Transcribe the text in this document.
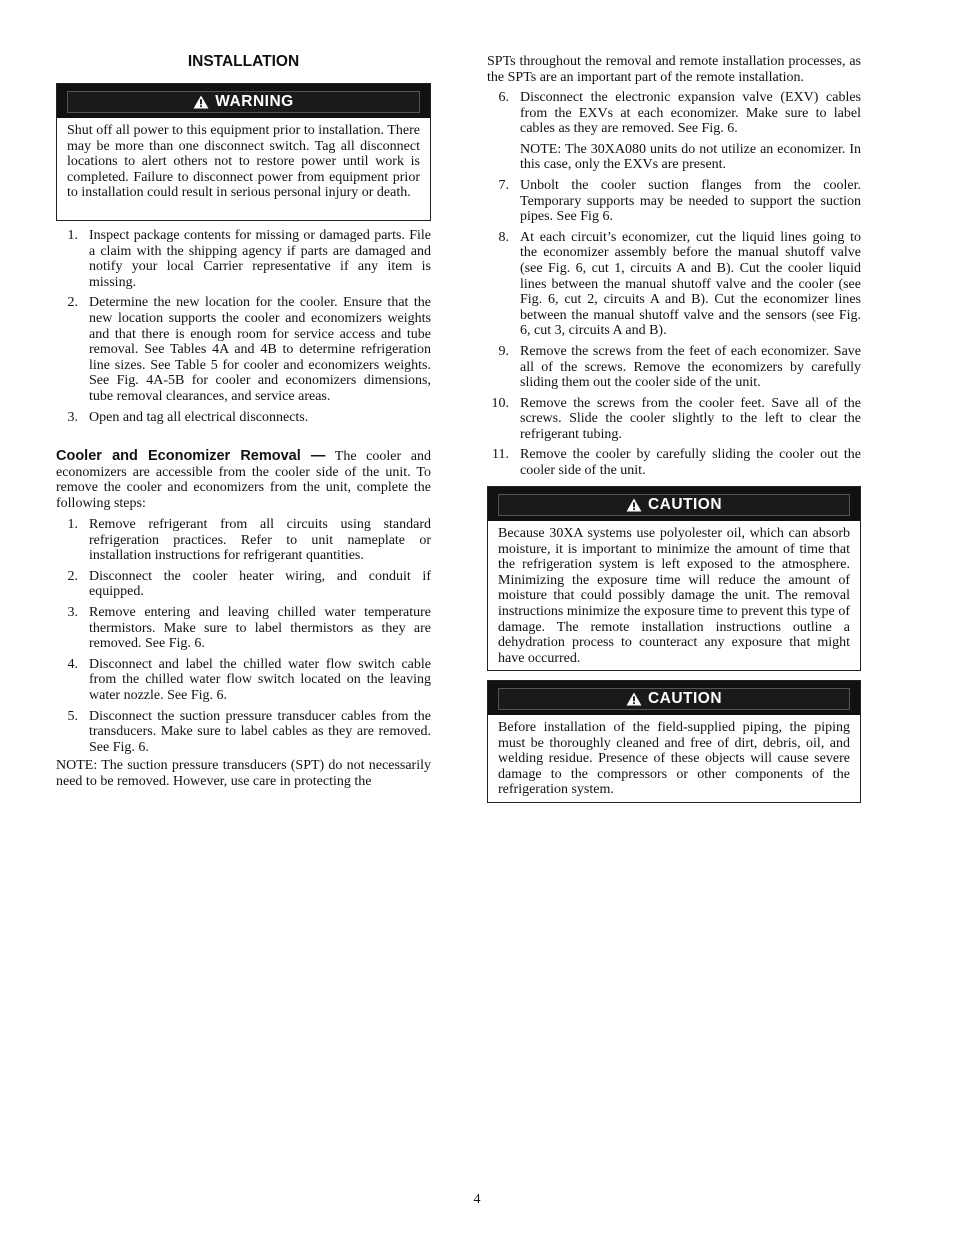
INSTALLATION
WARNING

Shut off all power to this equipment prior to installation. There may be more than one disconnect switch. Tag all disconnect locations to alert others not to restore power until work is completed. Failure to disconnect power from equipment prior to installation could result in serious personal injury or death.

1. Inspect package contents for missing or damaged parts. File a claim with the shipping agency if parts are damaged and notify your local Carrier representative if any item is missing.
2. Determine the new location for the cooler. Ensure that the new location supports the cooler and economizers weights and that there is enough room for service access and tube removal. See Tables 4A and 4B to determine refrigeration line sizes. See Table 5 for cooler and economizers weights. See Fig. 4A-5B for cooler and economizers dimensions, tube removal clearances, and service areas.
3. Open and tag all electrical disconnects.

Cooler and Economizer Removal — The cooler and economizers are accessible from the cooler side of the unit. To remove the cooler and economizers from the unit, complete the following steps:

1. Remove refrigerant from all circuits using standard refrigeration practices. Refer to unit nameplate or installation instructions for refrigerant quantities.
2. Disconnect the cooler heater wiring, and conduit if equipped.
3. Remove entering and leaving chilled water temperature thermistors. Make sure to label thermistors as they are removed. See Fig. 6.
4. Disconnect and label the chilled water flow switch cable from the chilled water flow switch located on the leaving water nozzle. See Fig. 6.
5. Disconnect the suction pressure transducer cables from the transducers. Make sure to label cables as they are removed. See Fig. 6.

NOTE: The suction pressure transducers (SPT) do not necessarily need to be removed. However, use care in protecting the

SPTs throughout the removal and remote installation processes, as the SPTs are an important part of the remote installation.

6. Disconnect the electronic expansion valve (EXV) cables from the EXVs at each economizer. Make sure to label cables as they are removed. See Fig. 6.
NOTE: The 30XA080 units do not utilize an economizer. In this case, only the EXVs are present.
7. Unbolt the cooler suction flanges from the cooler. Temporary supports may be needed to support the suction pipes. See Fig 6.
8. At each circuit’s economizer, cut the liquid lines going to the economizer assembly before the manual shutoff valve (see Fig. 6, cut 1, circuits A and B). Cut the cooler liquid lines between the manual shutoff valve and the cooler (see Fig. 6, cut 2, circuits A and B). Cut the economizer lines between the manual shutoff valve and the sensors (see Fig. 6, cut 3, circuits A and B).
9. Remove the screws from the feet of each economizer. Save all of the screws. Remove the economizers by carefully sliding them out the cooler side of the unit.
10. Remove the screws from the cooler feet. Save all of the screws. Slide the cooler slightly to the left to clear the refrigerant tubing.
11. Remove the cooler by carefully sliding the cooler out the cooler side of the unit.
CAUTION

Because 30XA systems use polyolester oil, which can absorb moisture, it is important to minimize the amount of time that the refrigeration system is left exposed to the atmosphere. Minimizing the exposure time will reduce the amount of moisture that could possibly damage the unit. The removal instructions minimize the exposure time to prevent this type of damage. The remote installation instructions outline a dehydration process to counteract any exposure that might have occurred.

CAUTION

Before installation of the field-supplied piping, the piping must be thoroughly cleaned and free of dirt, debris, oil, and welding residue. Presence of these objects will cause severe damage to the compressors or other components of the refrigeration system.

4
